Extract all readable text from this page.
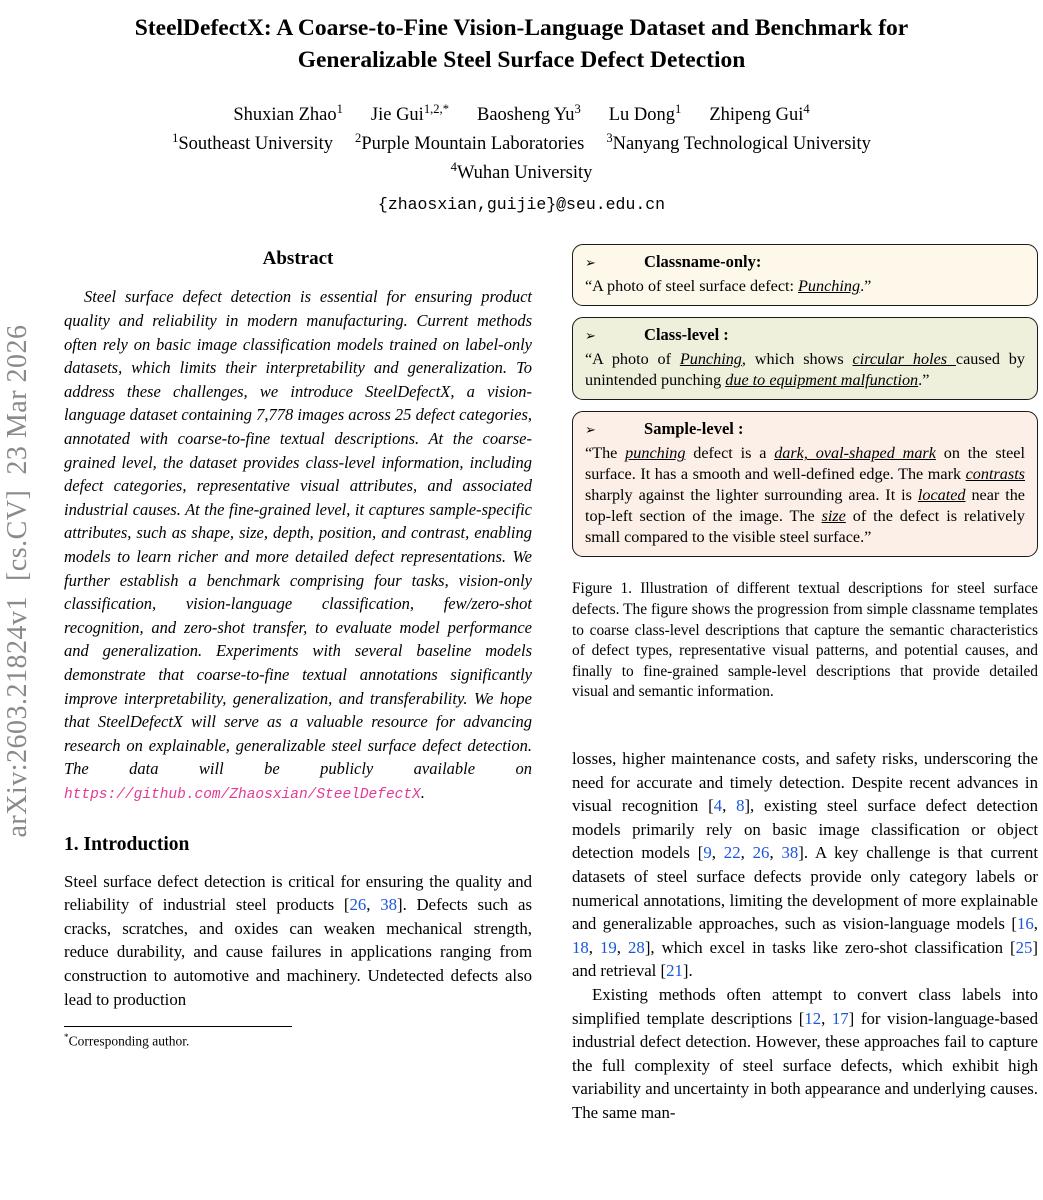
arXiv:2603.21824v1  [cs.CV]  23 Mar 2026
SteelDefectX: A Coarse-to-Fine Vision-Language Dataset and Benchmark for
Generalizable Steel Surface Defect Detection
Shuxian Zhao$^1$ Jie Gui$^{1,2,*}$ Baosheng Yu$^3$ Lu Dong$^1$ Zhipeng Gui$^4$
$^1$Southeast University $^2$Purple Mountain Laboratories $^3$Nanyang Technological University
$^4$Wuhan University
{zhaosxian,guijie}@seu.edu.cn
Abstract

Steel surface defect detection is essential for ensuring product quality and reliability in modern manufacturing. Current methods often rely on basic image classification models trained on label-only datasets, which limits their interpretability and generalization. To address these challenges, we introduce SteelDefectX, a vision-language dataset containing 7,778 images across 25 defect categories, annotated with coarse-to-fine textual descriptions. At the coarse-grained level, the dataset provides class-level information, including defect categories, representative visual attributes, and associated industrial causes. At the fine-grained level, it captures sample-specific attributes, such as shape, size, depth, position, and contrast, enabling models to learn richer and more detailed defect representations. We further establish a benchmark comprising four tasks, vision-only classification, vision-language classification, few/zero-shot recognition, and zero-shot transfer, to evaluate model performance and generalization. Experiments with several baseline models demonstrate that coarse-to-fine textual annotations significantly improve interpretability, generalization, and transferability. We hope that SteelDefectX will serve as a valuable resource for advancing research on explainable, generalizable steel surface defect detection. The data will be publicly available on https://github.com/Zhaosxian/SteelDefectX.

1. Introduction

Steel surface defect detection is critical for ensuring the quality and reliability of industrial steel products [26, 38]. Defects such as cracks, scratches, and oxides can weaken mechanical strength, reduce durability, and cause failures in applications ranging from construction to automotive and machinery. Undetected defects also lead to production

*Corresponding author.
➢	Classname-only:

“A photo of steel surface defect: Punching.”

➢	Class-level :

“A photo of Punching, which shows circular holes caused by unintended punching due to equipment malfunction.”

➢	Sample-level :

“The punching defect is a dark, oval-shaped mark on the steel surface. It has a smooth and well-defined edge. The mark contrasts sharply against the lighter surrounding area. It is located near the top-left section of the image. The size of the defect is relatively small compared to the visible steel surface.”

Figure 1. Illustration of different textual descriptions for steel surface defects. The figure shows the progression from simple classname templates to coarse class-level descriptions that capture the semantic characteristics of defect types, representative visual patterns, and potential causes, and finally to fine-grained sample-level descriptions that provide detailed visual and semantic information.

losses, higher maintenance costs, and safety risks, underscoring the need for accurate and timely detection. Despite recent advances in visual recognition [4, 8], existing steel surface defect detection models primarily rely on basic image classification or object detection models [9, 22, 26, 38]. A key challenge is that current datasets of steel surface defects provide only category labels or numerical annotations, limiting the development of more explainable and generalizable approaches, such as vision-language models [16, 18, 19, 28], which excel in tasks like zero-shot classification [25] and retrieval [21].

Existing methods often attempt to convert class labels into simplified template descriptions [12, 17] for vision-language-based industrial defect detection. However, these approaches fail to capture the full complexity of steel surface defects, which exhibit high variability and uncertainty in both appearance and underlying causes. The same man-
